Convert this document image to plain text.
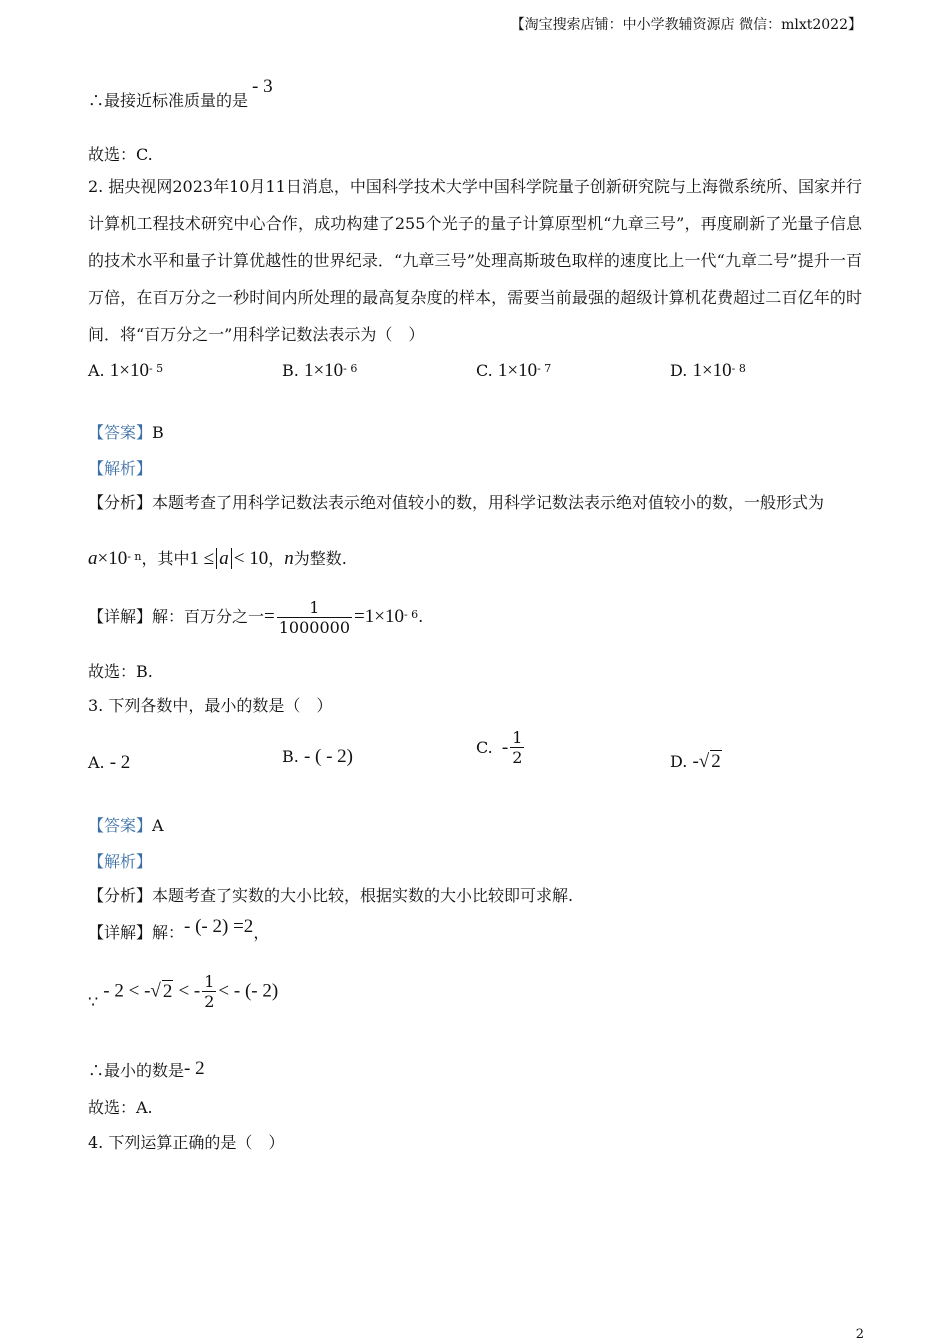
【淘宝搜索店铺：中小学教辅资源店 微信：mlxt2022】
∴最接近标准质量的是- 3
故选：C.
2. 据央视网2023年10月11日消息，中国科学技术大学中国科学院量子创新研究院与上海微系统所、国家并行计算机工程技术研究中心合作，成功构建了255个光子的量子计算原型机“九章三号”，再度刷新了光量子信息的技术水平和量子计算优越性的世界纪录．“九章三号”处理高斯玻色取样的速度比上一代“九章二号”提升一百万倍，在百万分之一秒时间内所处理的最高复杂度的样本，需要当前最强的超级计算机花费超过二百亿年的时间．将“百万分之一”用科学记数法表示为（　）
A. $1\times 10^{- 5}$	B. $1\times 10^{- 6}$	C. $1\times 10^{- 7}$	D. $1\times 10^{- 8}$
【答案】B
【解析】
【分析】本题考查了用科学记数法表示绝对值较小的数，用科学记数法表示绝对值较小的数，一般形式为
$a\times 10^{- n}$，其中1 ≤ a < 10，n为整数.
【详解】解：百万分之一= $\frac{1}{1000000} =1\times 10^{- 6}$.
故选：B.
3. 下列各数中，最小的数是（　）
A. - 2	B. - ( - 2)	C. - $\frac{1}{2}$	D. -√ 2
【答案】A
【解析】
【分析】本题考查了实数的大小比较，根据实数的大小比较即可求解.
【详解】解：- (- 2) =2，
∵ - 2 < -√ 2 < - $\frac{1}{2}$ < - (- 2)
∴最小的数是- 2
故选：A.
4. 下列运算正确的是（　）
2
